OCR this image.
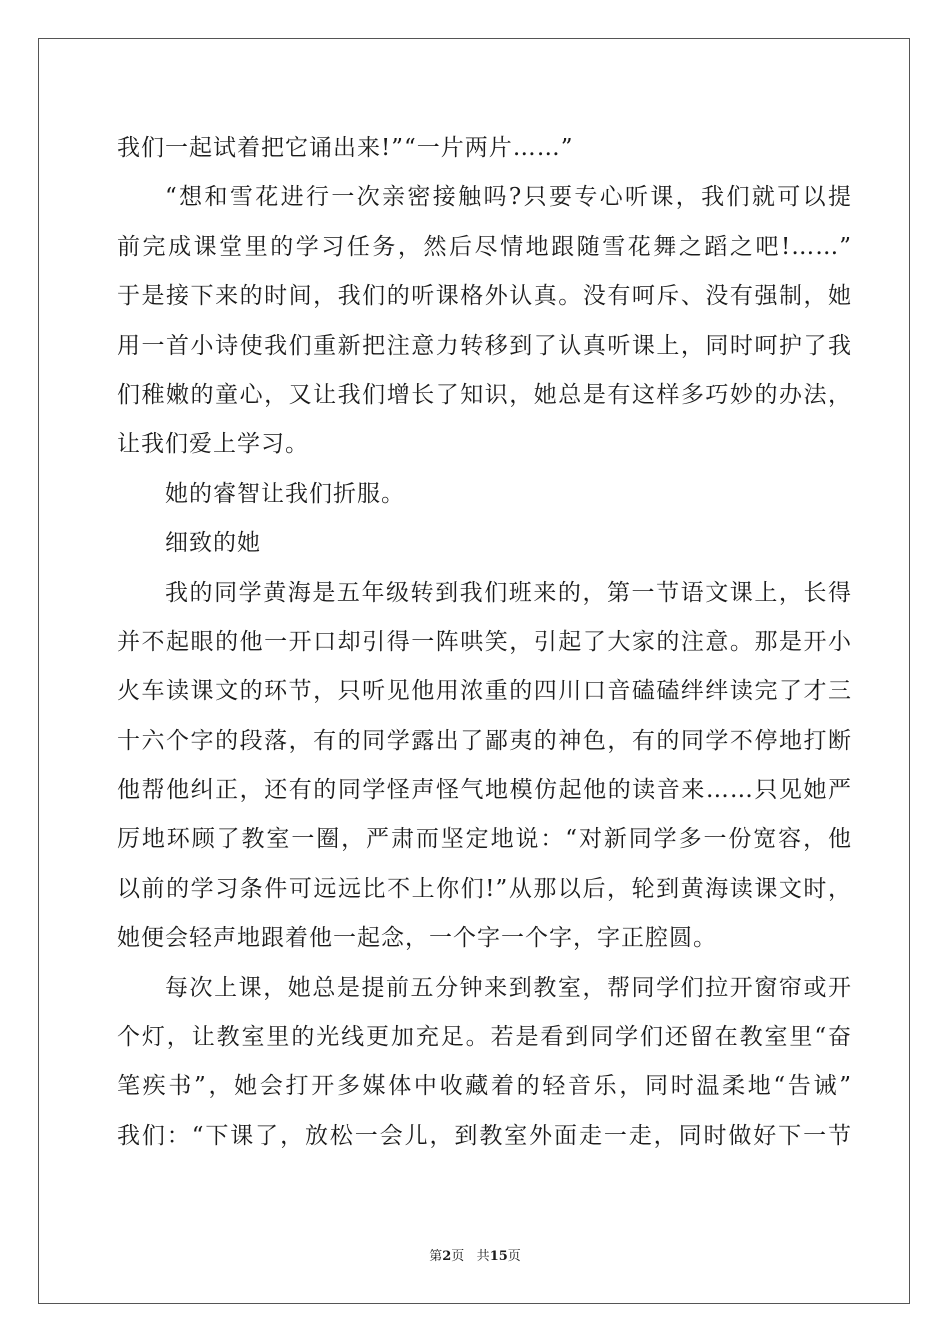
我们一起试着把它诵出来!”“一片两片……”
“想和雪花进行一次亲密接触吗?只要专心听课，我们就可以提
前完成课堂里的学习任务，然后尽情地跟随雪花舞之蹈之吧!……”
于是接下来的时间，我们的听课格外认真。没有呵斥、没有强制，她
用一首小诗使我们重新把注意力转移到了认真听课上，同时呵护了我
们稚嫩的童心，又让我们增长了知识，她总是有这样多巧妙的办法，
让我们爱上学习。
她的睿智让我们折服。
细致的她
我的同学黄海是五年级转到我们班来的，第一节语文课上，长得
并不起眼的他一开口却引得一阵哄笑，引起了大家的注意。那是开小
火车读课文的环节，只听见他用浓重的四川口音磕磕绊绊读完了才三
十六个字的段落，有的同学露出了鄙夷的神色，有的同学不停地打断
他帮他纠正，还有的同学怪声怪气地模仿起他的读音来……只见她严
厉地环顾了教室一圈，严肃而坚定地说：“对新同学多一份宽容，他
以前的学习条件可远远比不上你们!”从那以后，轮到黄海读课文时，
她便会轻声地跟着他一起念，一个字一个字，字正腔圆。
每次上课，她总是提前五分钟来到教室，帮同学们拉开窗帘或开
个灯，让教室里的光线更加充足。若是看到同学们还留在教室里“奋
笔疾书”，她会打开多媒体中收藏着的轻音乐，同时温柔地“告诫”
我们：“下课了，放松一会儿，到教室外面走一走，同时做好下一节
第2页 共15页
